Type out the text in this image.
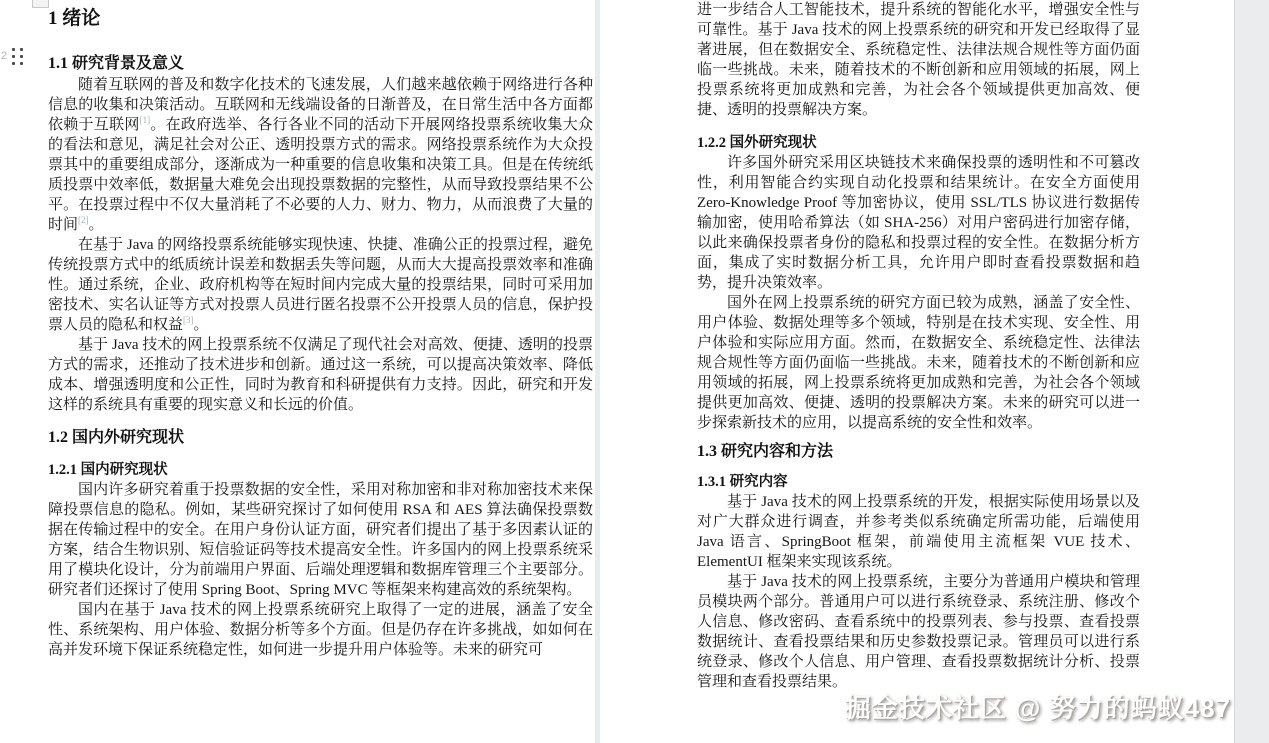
2
1 绪论
1.1 研究背景及意义

随着互联网的普及和数字化技术的飞速发展，人们越来越依赖于网络进行各种信息的收集和决策活动。互联网和无线端设备的日渐普及，在日常生活中各方面都依赖于互联网[1]。在政府选举、各行各业不同的活动下开展网络投票系统收集大众的看法和意见，满足社会对公正、透明投票方式的需求。网络投票系统作为大众投票其中的重要组成部分，逐渐成为一种重要的信息收集和决策工具。但是在传统纸质投票中效率低，数据量大难免会出现投票数据的完整性，从而导致投票结果不公平。在投票过程中不仅大量消耗了不必要的人力、财力、物力，从而浪费了大量的时间[2]。

在基于 Java 的网络投票系统能够实现快速、快捷、准确公正的投票过程，避免传统投票方式中的纸质统计误差和数据丢失等问题，从而大大提高投票效率和准确性。通过系统，企业、政府机构等在短时间内完成大量的投票结果，同时可采用加密技术、实名认证等方式对投票人员进行匿名投票不公开投票人员的信息，保护投票人员的隐私和权益[3]。

基于 Java 技术的网上投票系统不仅满足了现代社会对高效、便捷、透明的投票方式的需求，还推动了技术进步和创新。通过这一系统，可以提高决策效率、降低成本、增强透明度和公正性，同时为教育和科研提供有力支持。因此，研究和开发这样的系统具有重要的现实意义和长远的价值。

1.2 国内外研究现状
1.2.1 国内研究现状

国内许多研究着重于投票数据的安全性，采用对称加密和非对称加密技术来保障投票信息的隐私。例如，某些研究探讨了如何使用 RSA 和 AES 算法确保投票数据在传输过程中的安全。在用户身份认证方面，研究者们提出了基于多因素认证的方案，结合生物识别、短信验证码等技术提高安全性。许多国内的网上投票系统采用了模块化设计，分为前端用户界面、后端处理逻辑和数据库管理三个主要部分。研究者们还探讨了使用 Spring Boot、Spring MVC 等框架来构建高效的系统架构。

国内在基于 Java 技术的网上投票系统研究上取得了一定的进展，涵盖了安全性、系统架构、用户体验、数据分析等多个方面。但是仍存在许多挑战，如如何在高并发环境下保证系统稳定性，如何进一步提升用户体验等。未来的研究可

进一步结合人工智能技术，提升系统的智能化水平，增强安全性与可靠性。基于 Java 技术的网上投票系统的研究和开发已经取得了显著进展，但在数据安全、系统稳定性、法律法规合规性等方面仍面临一些挑战。未来，随着技术的不断创新和应用领域的拓展，网上投票系统将更加成熟和完善，为社会各个领域提供更加高效、便捷、透明的投票解决方案。

1.2.2 国外研究现状

许多国外研究采用区块链技术来确保投票的透明性和不可篡改性，利用智能合约实现自动化投票和结果统计。在安全方面使用 Zero-Knowledge Proof 等加密协议，使用 SSL/TLS 协议进行数据传输加密，使用哈希算法（如 SHA-256）对用户密码进行加密存储，以此来确保投票者身份的隐私和投票过程的安全性。在数据分析方面，集成了实时数据分析工具，允许用户即时查看投票数据和趋势，提升决策效率。

国外在网上投票系统的研究方面已较为成熟，涵盖了安全性、用户体验、数据处理等多个领域，特别是在技术实现、安全性、用户体验和实际应用方面。然而，在数据安全、系统稳定性、法律法规合规性等方面仍面临一些挑战。未来，随着技术的不断创新和应用领域的拓展，网上投票系统将更加成熟和完善，为社会各个领域提供更加高效、便捷、透明的投票解决方案。未来的研究可以进一步探索新技术的应用，以提高系统的安全性和效率。

1.3 研究内容和方法
1.3.1 研究内容

基于 Java 技术的网上投票系统的开发，根据实际使用场景以及对广大群众进行调查，并参考类似系统确定所需功能，后端使用 Java 语言、SpringBoot 框架，前端使用主流框架 VUE 技术、ElementUI 框架来实现该系统。

基于 Java 技术的网上投票系统，主要分为普通用户模块和管理员模块两个部分。普通用户可以进行系统登录、系统注册、修改个人信息、修改密码、查看系统中的投票列表、参与投票、查看投票数据统计、查看投票结果和历史参数投票记录。管理员可以进行系统登录、修改个人信息、用户管理、查看投票数据统计分析、投票管理和查看投票结果。

掘金技术社区 @ 努力的蚂蚁487
